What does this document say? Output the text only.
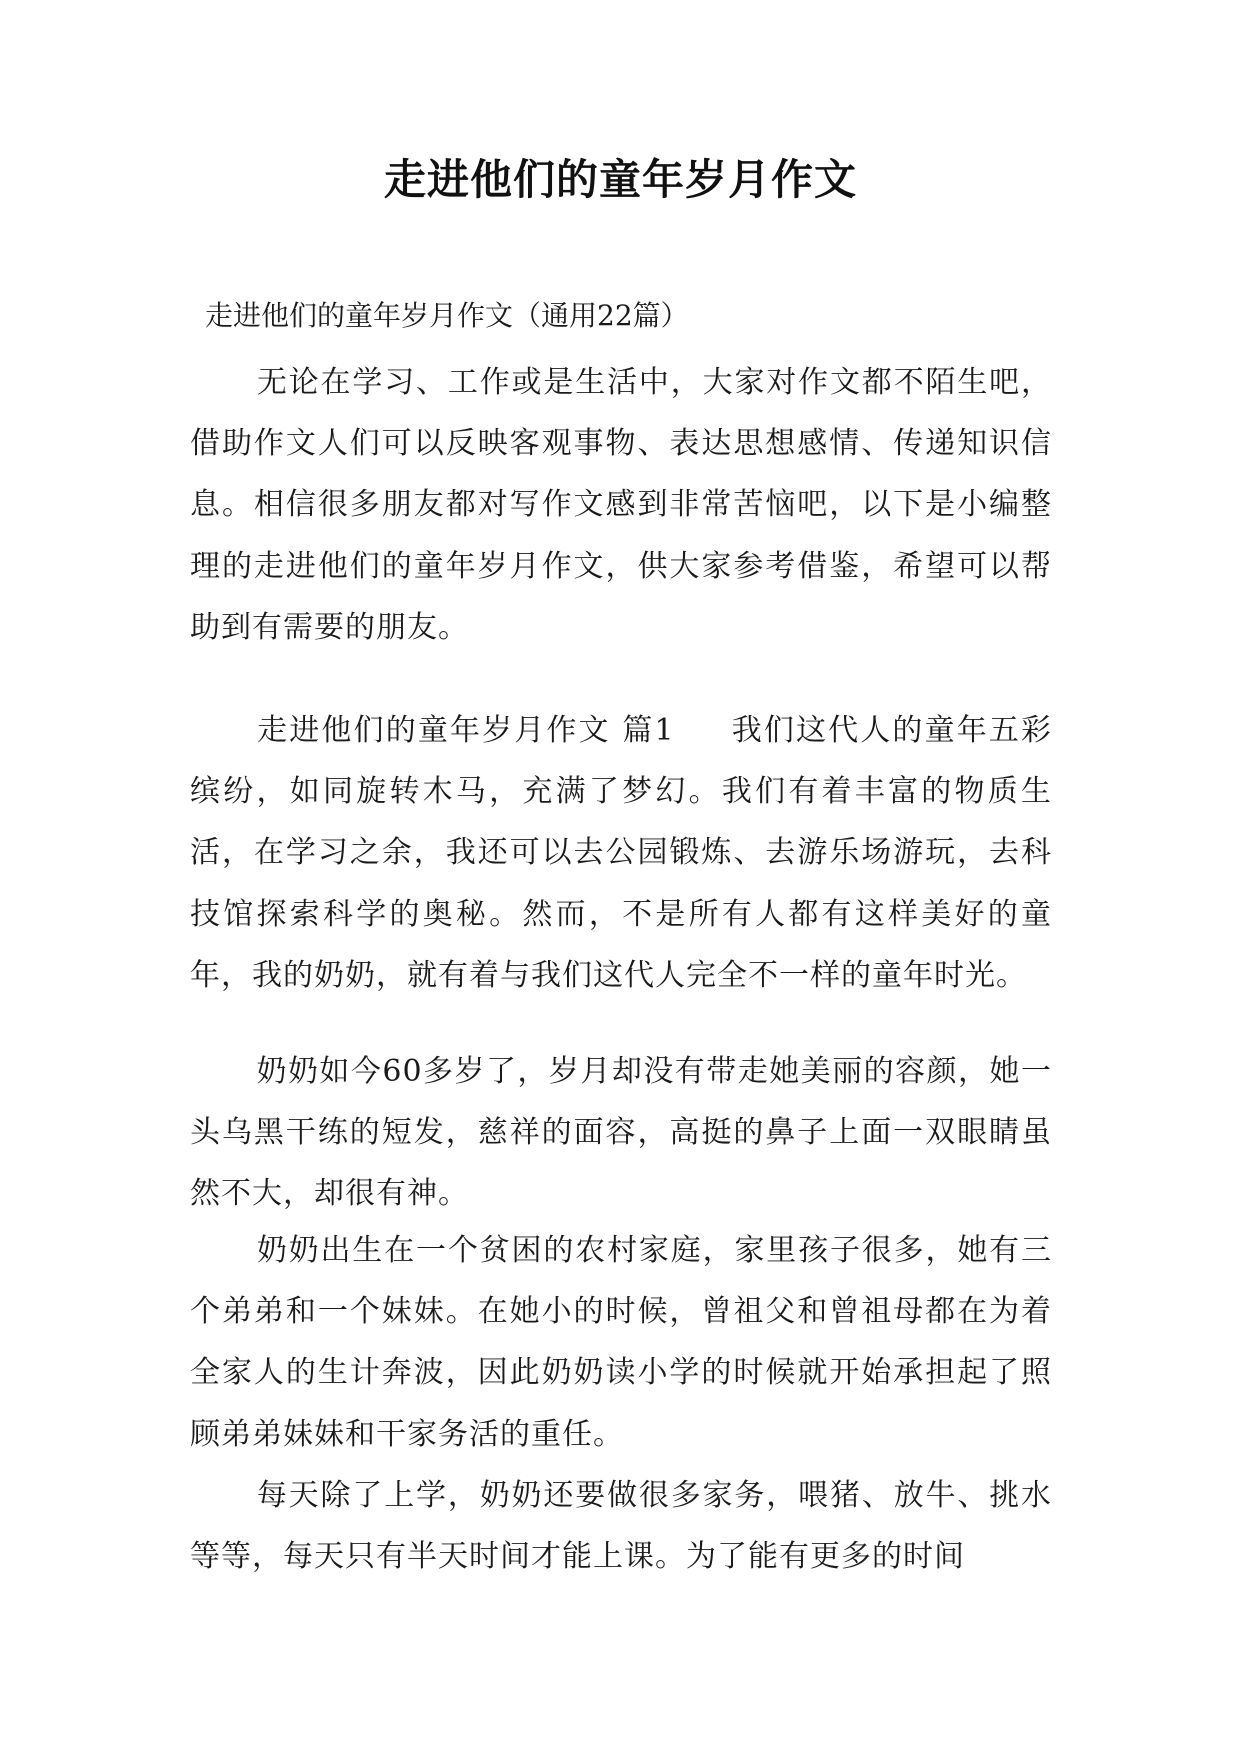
走进他们的童年岁月作文
走进他们的童年岁月作文（通用22篇）

无论在学习、工作或是生活中，大家对作文都不陌生吧，借助作文人们可以反映客观事物、表达思想感情、传递知识信息。相信很多朋友都对写作文感到非常苦恼吧，以下是小编整理的走进他们的童年岁月作文，供大家参考借鉴，希望可以帮助到有需要的朋友。

走进他们的童年岁月作文 篇1 我们这代人的童年五彩缤纷，如同旋转木马，充满了梦幻。我们有着丰富的物质生活，在学习之余，我还可以去公园锻炼、去游乐场游玩，去科技馆探索科学的奥秘。然而，不是所有人都有这样美好的童年，我的奶奶，就有着与我们这代人完全不一样的童年时光。

奶奶如今60多岁了，岁月却没有带走她美丽的容颜，她一头乌黑干练的短发，慈祥的面容，高挺的鼻子上面一双眼睛虽然不大，却很有神。

奶奶出生在一个贫困的农村家庭，家里孩子很多，她有三个弟弟和一个妹妹。在她小的时候，曾祖父和曾祖母都在为着全家人的生计奔波，因此奶奶读小学的时候就开始承担起了照顾弟弟妹妹和干家务活的重任。

每天除了上学，奶奶还要做很多家务，喂猪、放牛、挑水等等，每天只有半天时间才能上课。为了能有更多的时间
